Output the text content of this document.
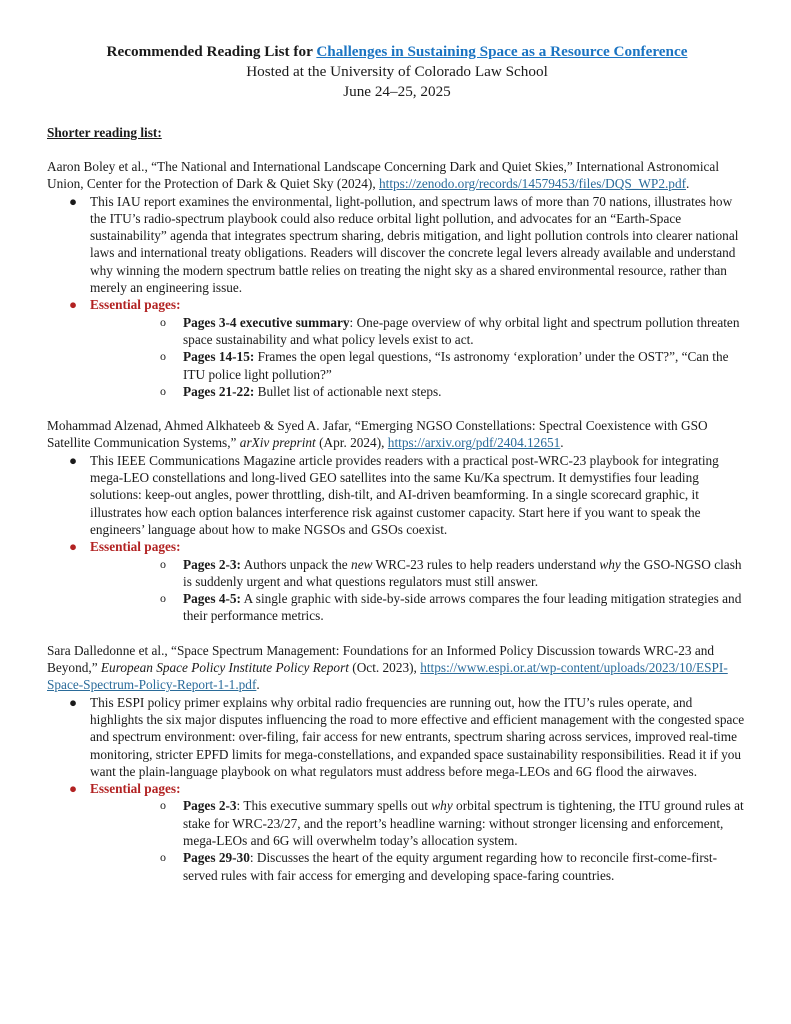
Recommended Reading List for Challenges in Sustaining Space as a Resource Conference
Hosted at the University of Colorado Law School
June 24–25, 2025
Shorter reading list:
Aaron Boley et al., “The National and International Landscape Concerning Dark and Quiet Skies,” International Astronomical Union, Center for the Protection of Dark & Quiet Sky (2024), https://zenodo.org/records/14579453/files/DQS_WP2.pdf.
● This IAU report examines the environmental, light-pollution, and spectrum laws of more than 70 nations, illustrates how the ITU’s radio-spectrum playbook could also reduce orbital light pollution, and advocates for an “Earth-Space sustainability” agenda that integrates spectrum sharing, debris mitigation, and light pollution controls into clearer national laws and international treaty obligations. Readers will discover the concrete legal levers already available and understand why winning the modern spectrum battle relies on treating the night sky as a shared environmental resource, rather than merely an engineering issue.
● Essential pages:
o Pages 3-4 executive summary: One-page overview of why orbital light and spectrum pollution threaten space sustainability and what policy levels exist to act.
o Pages 14-15: Frames the open legal questions, “Is astronomy ‘exploration’ under the OST?”, “Can the ITU police light pollution?”
o Pages 21-22: Bullet list of actionable next steps.
Mohammad Alzenad, Ahmed Alkhateeb & Syed A. Jafar, “Emerging NGSO Constellations: Spectral Coexistence with GSO Satellite Communication Systems,” arXiv preprint (Apr. 2024), https://arxiv.org/pdf/2404.12651.
● This IEEE Communications Magazine article provides readers with a practical post-WRC-23 playbook for integrating mega-LEO constellations and long-lived GEO satellites into the same Ku/Ka spectrum. It demystifies four leading solutions: keep-out angles, power throttling, dish-tilt, and AI-driven beamforming. In a single scorecard graphic, it illustrates how each option balances interference risk against customer capacity. Start here if you want to speak the engineers’ language about how to make NGSOs and GSOs coexist.
● Essential pages:
o Pages 2-3: Authors unpack the new WRC-23 rules to help readers understand why the GSO-NGSO clash is suddenly urgent and what questions regulators must still answer.
o Pages 4-5: A single graphic with side-by-side arrows compares the four leading mitigation strategies and their performance metrics.
Sara Dalledonne et al., “Space Spectrum Management: Foundations for an Informed Policy Discussion towards WRC-23 and Beyond,” European Space Policy Institute Policy Report (Oct. 2023), https://www.espi.or.at/wp-content/uploads/2023/10/ESPI-Space-Spectrum-Policy-Report-1-1.pdf.
● This ESPI policy primer explains why orbital radio frequencies are running out, how the ITU’s rules operate, and highlights the six major disputes influencing the road to more effective and efficient management with the congested space and spectrum environment: over-filing, fair access for new entrants, spectrum sharing across services, improved real-time monitoring, stricter EPFD limits for mega-constellations, and expanded space sustainability responsibilities. Read it if you want the plain-language playbook on what regulators must address before mega-LEOs and 6G flood the airwaves.
● Essential pages:
o Pages 2-3: This executive summary spells out why orbital spectrum is tightening, the ITU ground rules at stake for WRC-23/27, and the report’s headline warning: without stronger licensing and enforcement, mega-LEOs and 6G will overwhelm today’s allocation system.
o Pages 29-30: Discusses the heart of the equity argument regarding how to reconcile first-come-first-served rules with fair access for emerging and developing space-faring countries.
